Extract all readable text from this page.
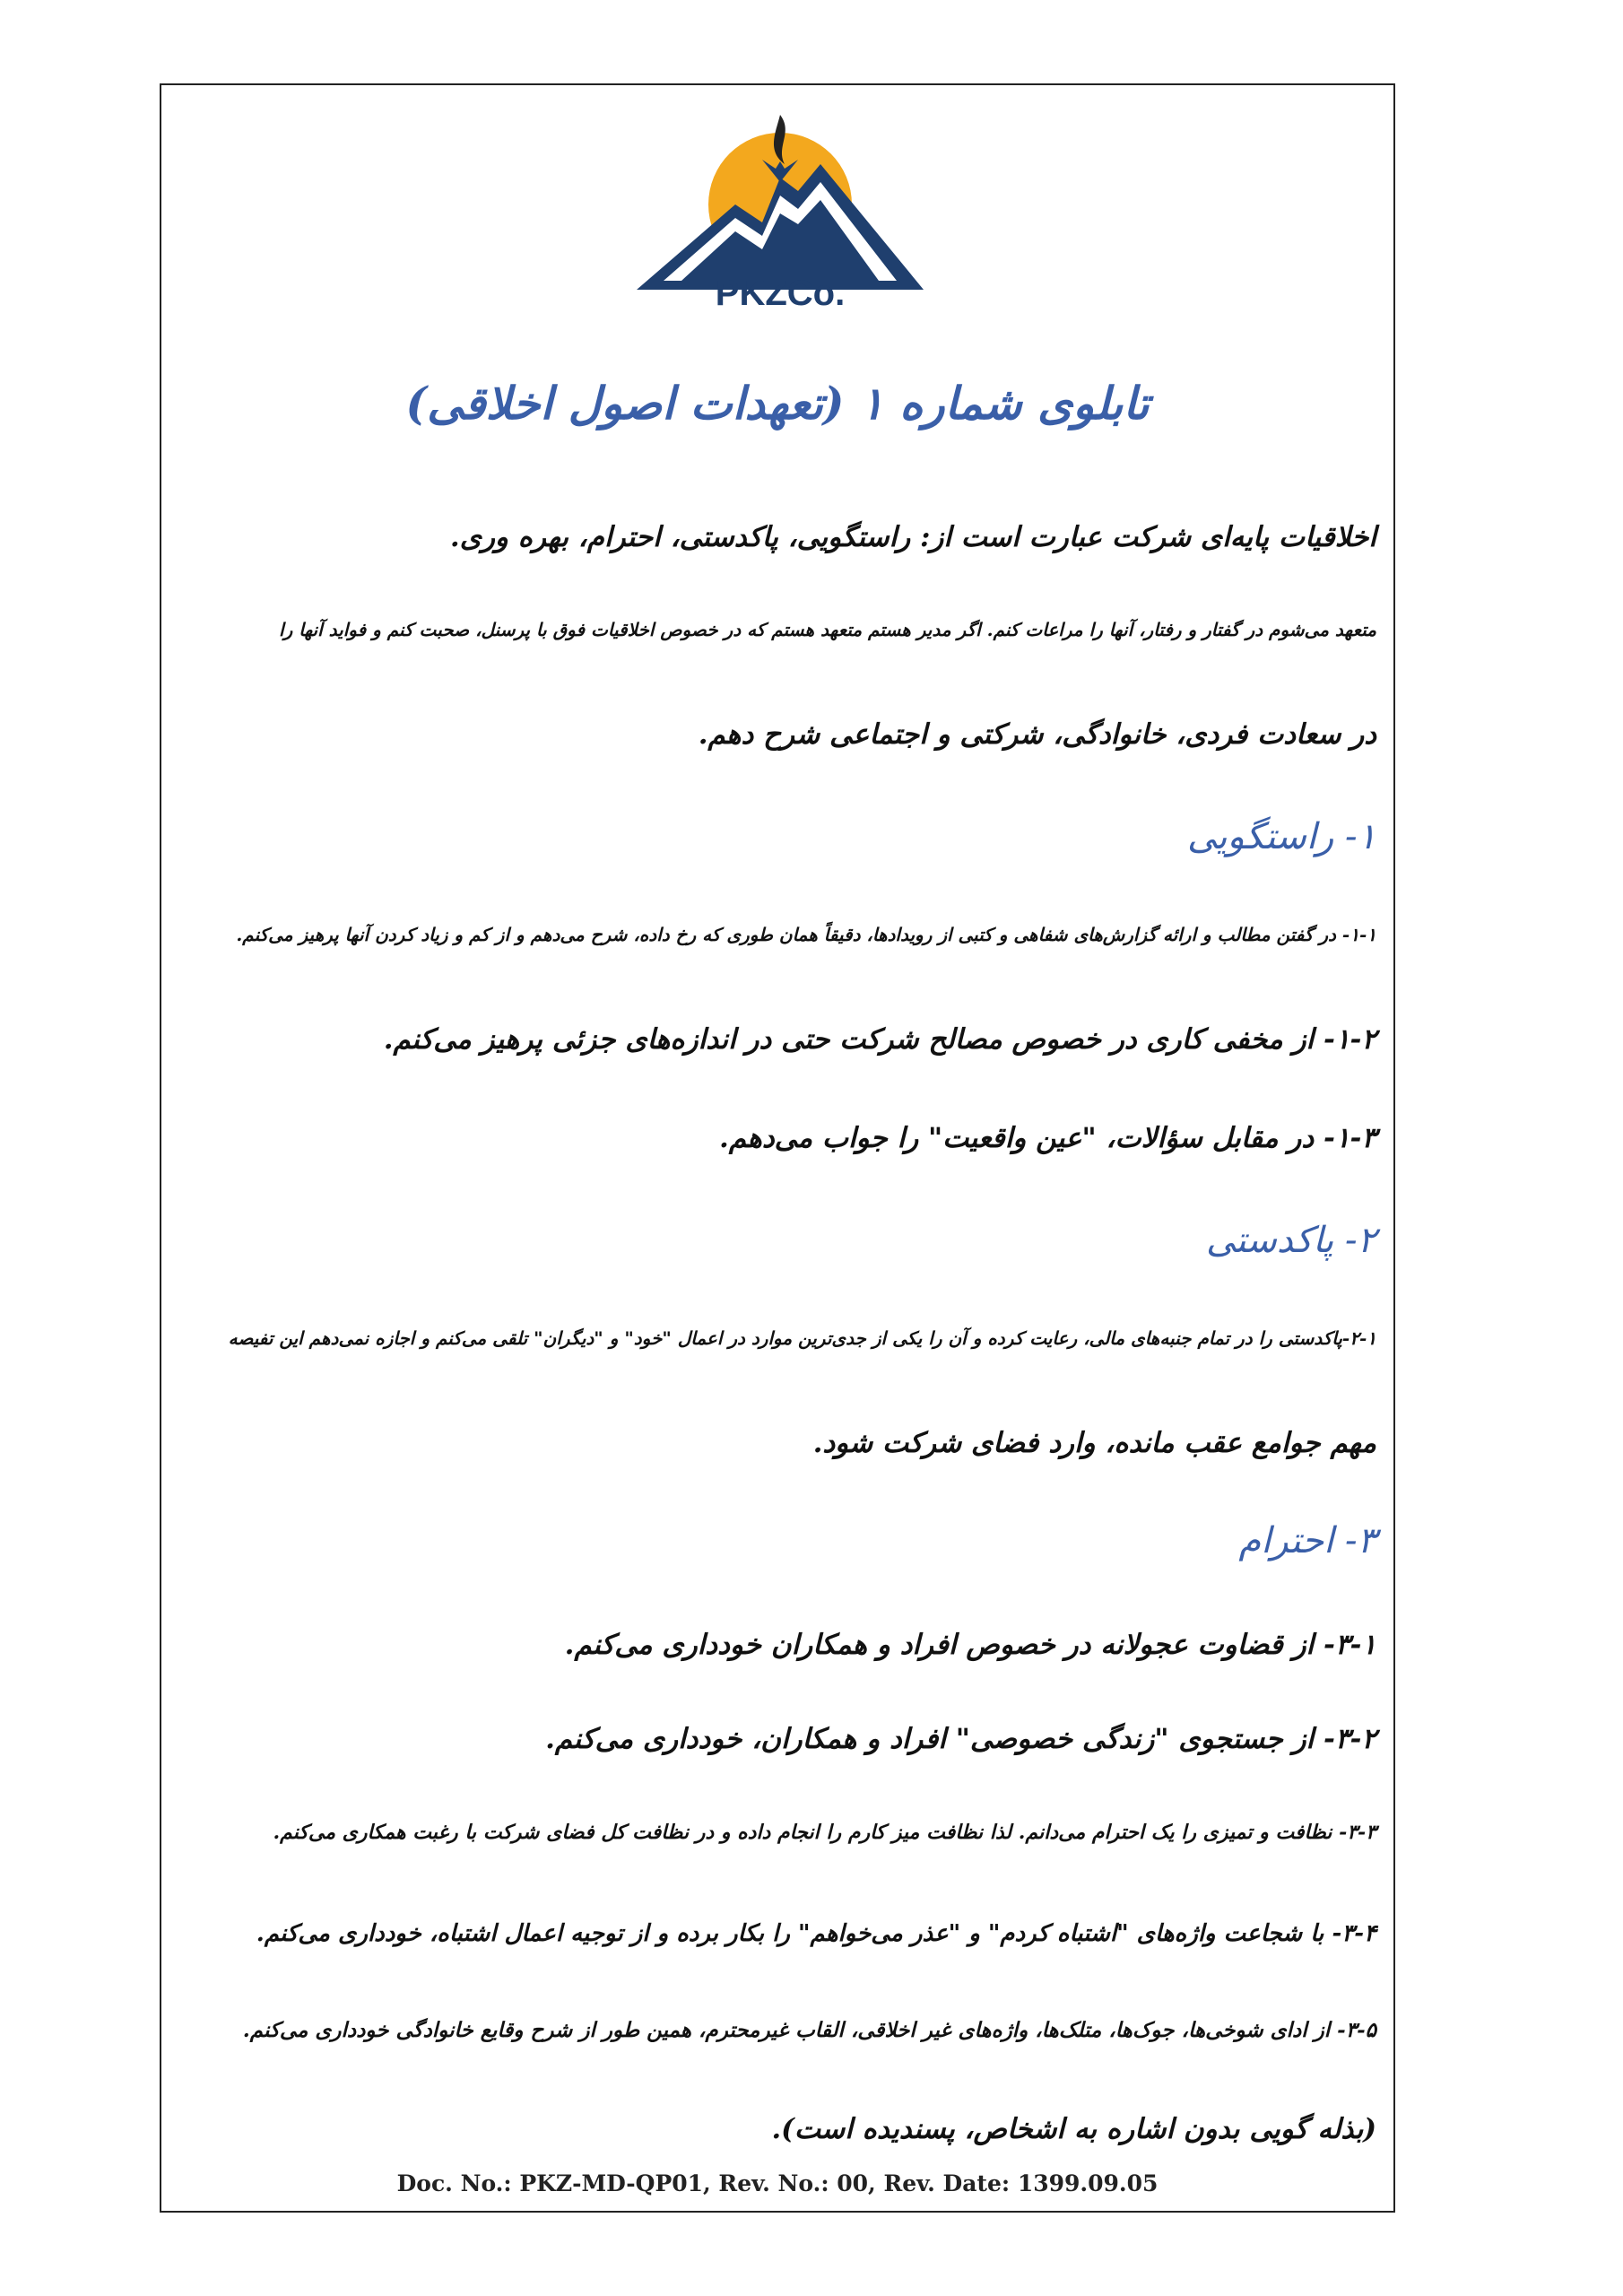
PKZCo.
تابلوی شماره ۱ (تعهدات اصول اخلاقی)
اخلاقیات پایه‌ای شرکت عبارت است از: راستگویی، پاکدستی، احترام، بهره وری.
متعهد می‌شوم در گفتار و رفتار، آنها را مراعات کنم. اگر مدیر هستم متعهد هستم که در خصوص اخلاقیات فوق با پرسنل، صحبت کنم و فواید آنها را
در سعادت فردی، خانوادگی، شرکتی و اجتماعی شرح دهم.
۱- راستگویی
۱-۱- در گفتن مطالب و ارائه گزارش‌های شفاهی و کتبی از رویدادها، دقیقاً همان طوری که رخ داده، شرح می‌دهم و از کم و زیاد کردن آنها پرهیز می‌کنم.
۱-۲- از مخفی کاری در خصوص مصالح شرکت حتی در اندازه‌های جزئی پرهیز می‌کنم.
۱-۳- در مقابل سؤالات، "عین واقعیت" را جواب می‌دهم.
۲- پاکدستی
۲-۱-پاکدستی را در تمام جنبه‌های مالی، رعایت کرده و آن را یکی از جدی‌ترین موارد در اعمال "خود" و "دیگران" تلقی می‌کنم و اجازه نمی‌دهم این تفیصه
مهم جوامع عقب مانده، وارد فضای شرکت شود.
۳- احترام
۳-۱- از قضاوت عجولانه در خصوص افراد و همکاران خودداری می‌کنم.
۳-۲- از جستجوی "زندگی خصوصی" افراد و همکاران، خودداری می‌کنم.
۳-۳- نظافت و تمیزی را یک احترام می‌دانم. لذا نظافت میز کارم را انجام داده و در نظافت کل فضای شرکت با رغبت همکاری می‌کنم.
۳-۴- با شجاعت واژه‌های "اشتباه کردم" و "عذر می‌خواهم" را بکار برده و از توجیه اعمال اشتباه، خودداری می‌کنم.
۳-۵- از ادای شوخی‌ها، جوک‌ها، متلک‌ها، واژه‌های غیر اخلاقی، القاب غیرمحترم، همین طور از شرح وقایع خانوادگی خودداری می‌کنم.
(بذله گویی بدون اشاره به اشخاص، پسندیده است).
Doc. No.: PKZ-MD-QP01, Rev. No.: 00, Rev. Date: 1399.09.05
